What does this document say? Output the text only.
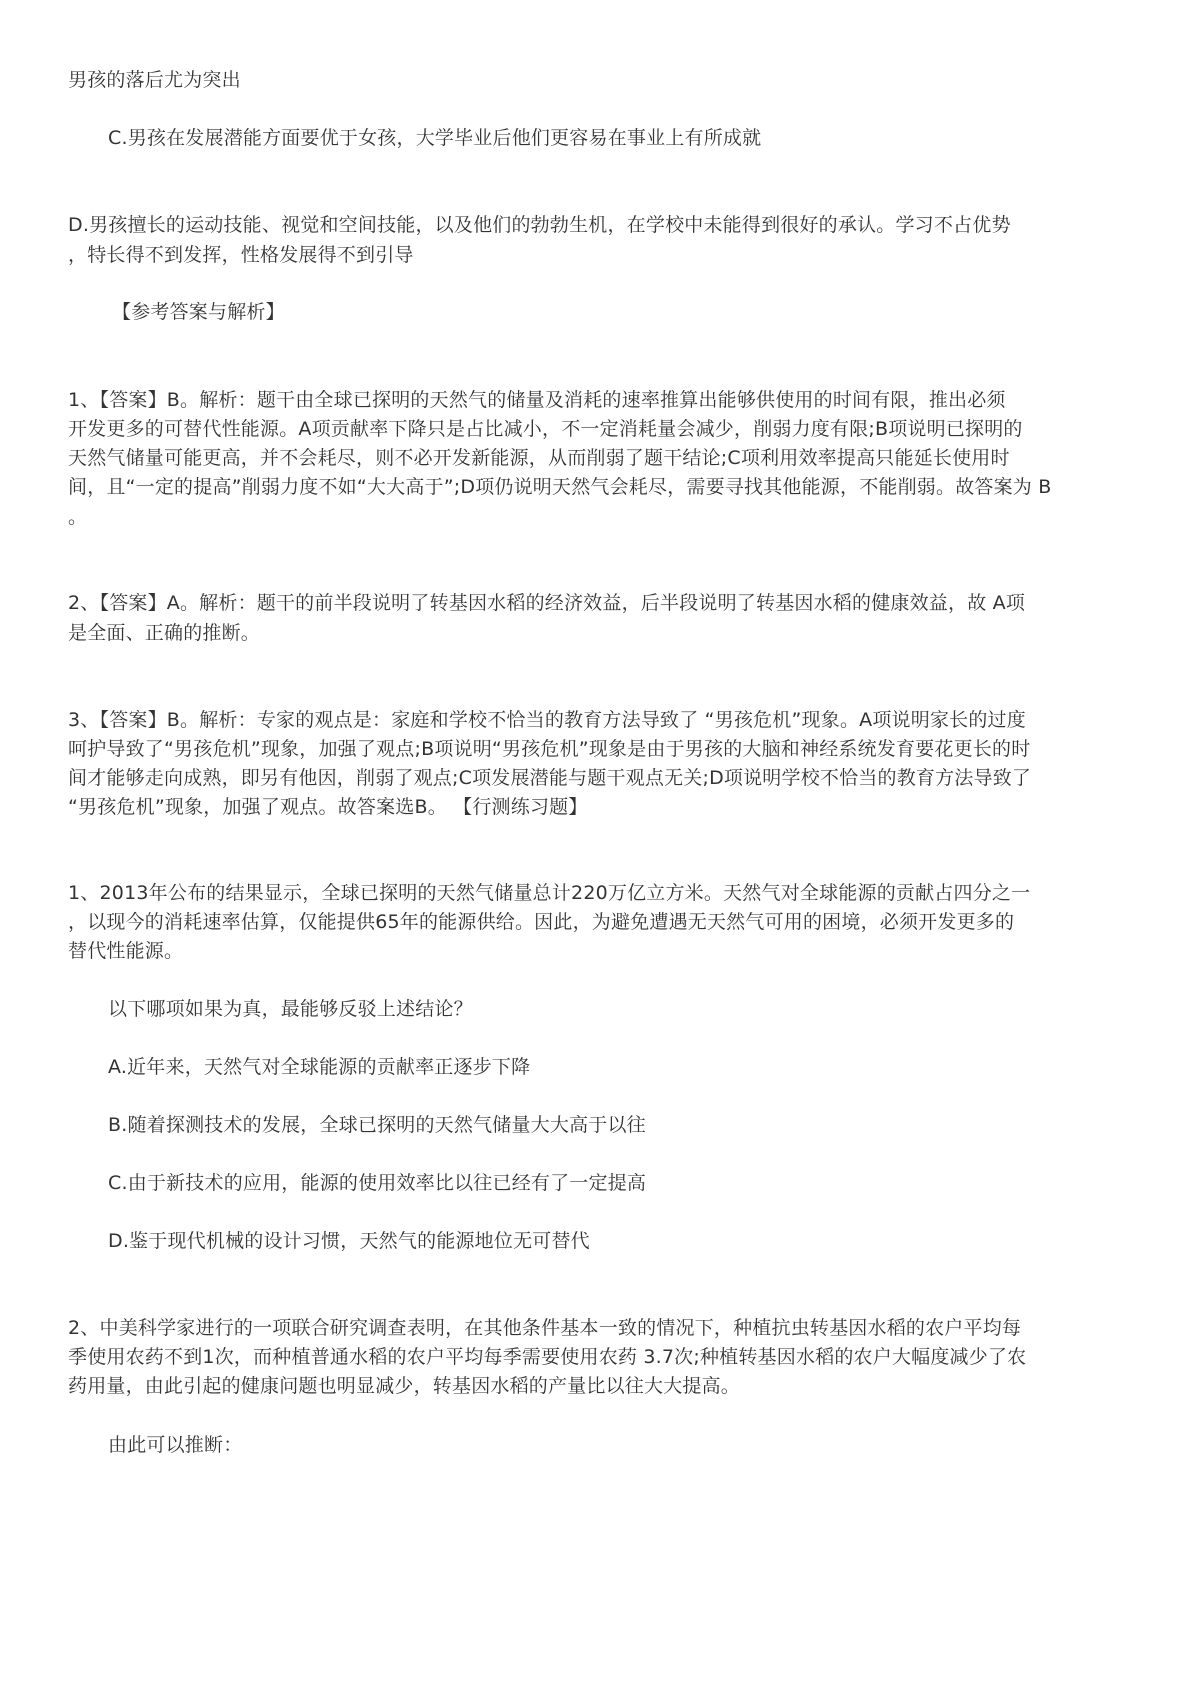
男孩的落后尤为突出
C.男孩在发展潜能方面要优于女孩，大学毕业后他们更容易在事业上有所成就
D.男孩擅长的运动技能、视觉和空间技能，以及他们的勃勃生机，在学校中未能得到很好的承认。学习不占优势
，特长得不到发挥，性格发展得不到引导
【参考答案与解析】
1、【答案】B。解析：题干由全球已探明的天然气的储量及消耗的速率推算出能够供使用的时间有限，推出必须
开发更多的可替代性能源。A项贡献率下降只是占比减小，不一定消耗量会减少，削弱力度有限;B项说明已探明的
天然气储量可能更高，并不会耗尽，则不必开发新能源，从而削弱了题干结论;C项利用效率提高只能延长使用时
间，且“一定的提高”削弱力度不如“大大高于”;D项仍说明天然气会耗尽，需要寻找其他能源，不能削弱。故答案为 B
。
2、【答案】A。解析：题干的前半段说明了转基因水稻的经济效益，后半段说明了转基因水稻的健康效益，故 A项
是全面、正确的推断。
3、【答案】B。解析：专家的观点是：家庭和学校不恰当的教育方法导致了 “男孩危机”现象。A项说明家长的过度
呵护导致了“男孩危机”现象，加强了观点;B项说明“男孩危机”现象是由于男孩的大脑和神经系统发育要花更长的时
间才能够走向成熟，即另有他因，削弱了观点;C项发展潜能与题干观点无关;D项说明学校不恰当的教育方法导致了
“男孩危机”现象，加强了观点。故答案选B。 【行测练习题】
1、2013年公布的结果显示，全球已探明的天然气储量总计220万亿立方米。天然气对全球能源的贡献占四分之一
，以现今的消耗速率估算，仅能提供65年的能源供给。因此，为避免遭遇无天然气可用的困境，必须开发更多的
替代性能源。
以下哪项如果为真，最能够反驳上述结论？
A.近年来，天然气对全球能源的贡献率正逐步下降
B.随着探测技术的发展，全球已探明的天然气储量大大高于以往
C.由于新技术的应用，能源的使用效率比以往已经有了一定提高
D.鉴于现代机械的设计习惯，天然气的能源地位无可替代
2、中美科学家进行的一项联合研究调查表明，在其他条件基本一致的情况下，种植抗虫转基因水稻的农户平均每
季使用农药不到1次，而种植普通水稻的农户平均每季需要使用农药 3.7次;种植转基因水稻的农户大幅度减少了农
药用量，由此引起的健康问题也明显减少，转基因水稻的产量比以往大大提高。
由此可以推断：
